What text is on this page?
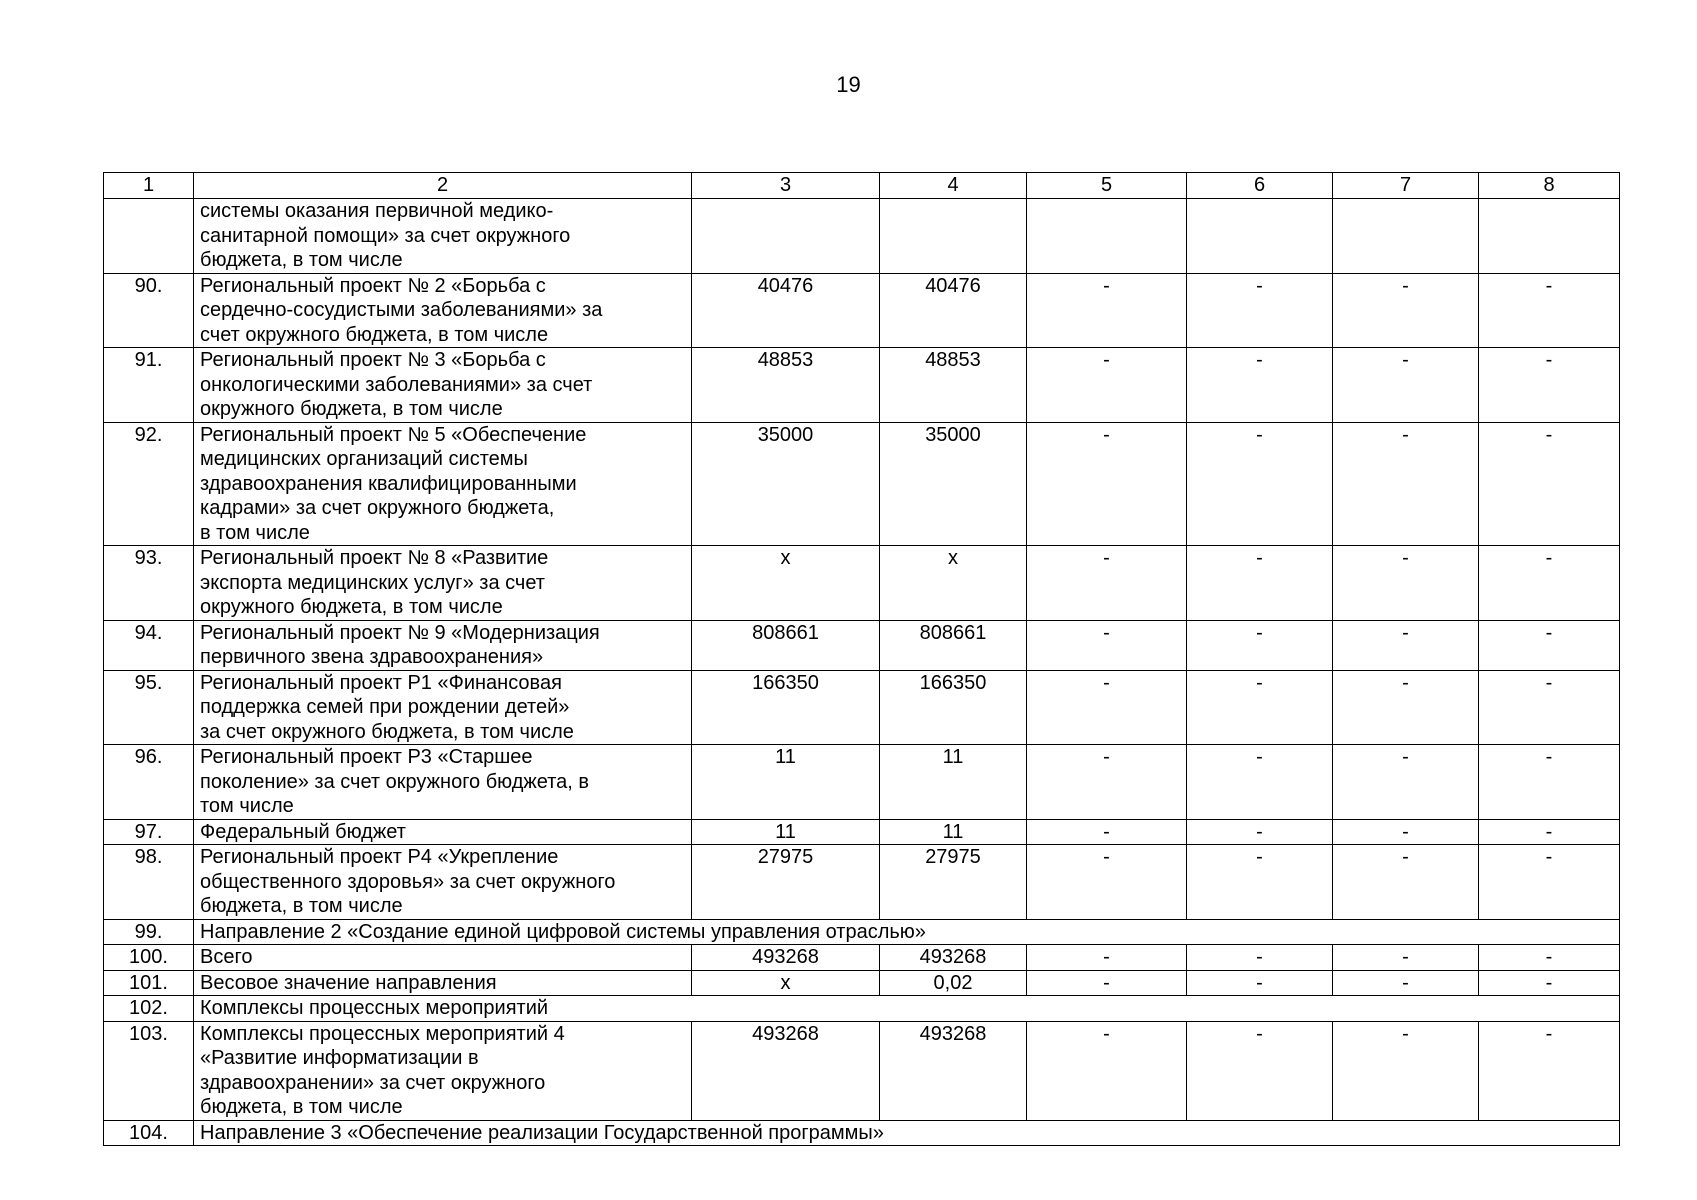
19
1	2	3	4	5	6	7	8

	системы оказания первичной медико-
санитарной помощи» за счет окружного
бюджета, в том числе						

90.	Региональный проект № 2 «Борьба с
сердечно-сосудистыми заболеваниями» за
счет окружного бюджета, в том числе	40476	40476	-	-	-	-
91.	Региональный проект № 3 «Борьба с
онкологическими заболеваниями» за счет
окружного бюджета, в том числе	48853	48853	-	-	-	-
92.	Региональный проект № 5 «Обеспечение
медицинских организаций системы
здравоохранения квалифицированными
кадрами» за счет окружного бюджета,
в том числе	35000	35000	-	-	-	-
93.	Региональный проект № 8 «Развитие
экспорта медицинских услуг» за счет
окружного бюджета, в том числе	х	х	-	-	-	-
94.	Региональный проект № 9 «Модернизация
первичного звена здравоохранения»	808661	808661	-	-	-	-
95.	Региональный проект Р1 «Финансовая
поддержка семей при рождении детей»
за счет окружного бюджета, в том числе	166350	166350	-	-	-	-
96.	Региональный проект Р3 «Старшее
поколение» за счет окружного бюджета, в
том числе	11	11	-	-	-	-
97.	Федеральный бюджет	11	11	-	-	-	-
98.	Региональный проект Р4 «Укрепление
общественного здоровья» за счет окружного
бюджета, в том числе	27975	27975	-	-	-	-
99.	Направление 2 «Создание единой цифровой системы управления отраслью»						
100.	Всего	493268	493268	-	-	-	-
101.	Весовое значение направления	х	0,02	-	-	-	-
102.	Комплексы процессных мероприятий						
103.	Комплексы процессных мероприятий 4
«Развитие информатизации в
здравоохранении» за счет окружного
бюджета, в том числе	493268	493268	-	-	-	-
104.	Направление 3 «Обеспечение реализации Государственной программы»						
